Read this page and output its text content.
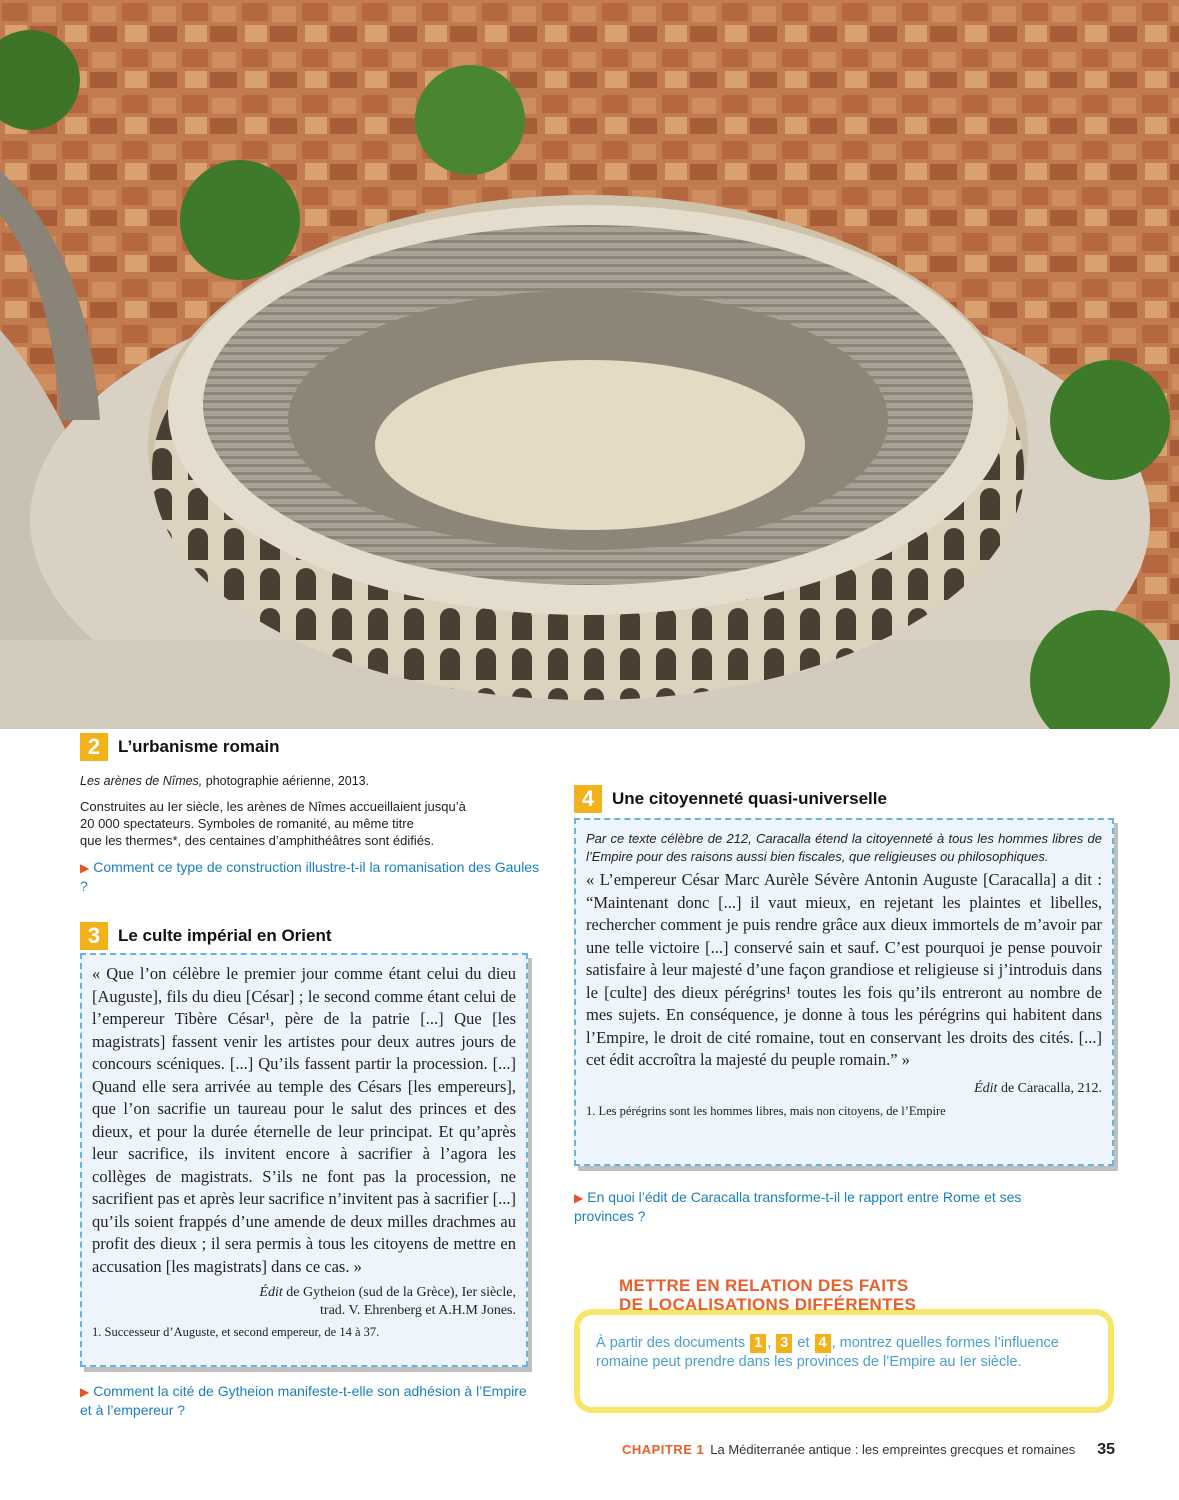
2	L’urbanisme romain
Les arènes de Nîmes, photographie aérienne, 2013.
Construites au Ier siècle, les arènes de Nîmes accueillaient jusqu’à
20 000 spectateurs. Symboles de romanité, au même titre
que les thermes*, des centaines d’amphithéâtres sont édifiés.
▶ Comment ce type de construction illustre-t-il la romanisation des Gaules ?
3	Le culte impérial en Orient
« Que l’on célèbre le premier jour comme étant celui du dieu [Auguste], fils du dieu [César] ; le second comme étant celui de l’empereur Tibère César¹, père de la patrie [...] Que [les magistrats] fassent venir les artistes pour deux autres jours de concours scéniques. [...] Qu’ils fassent partir la procession. [...] Quand elle sera arrivée au temple des Césars [les empereurs], que l’on sacrifie un taureau pour le salut des princes et des dieux, et pour la durée éternelle de leur principat. Et qu’après leur sacrifice, ils invitent encore à sacrifier à l’agora les collèges de magistrats. S’ils ne font pas la procession, ne sacrifient pas et après leur sacrifice n’invitent pas à sacrifier [...] qu’ils soient frappés d’une amende de deux milles drachmes au profit des dieux ; il sera permis à tous les citoyens de mettre en accusation [les magistrats] dans ce cas. »
Édit de Gytheion (sud de la Grèce), Ier siècle,
trad. V. Ehrenberg et A.H.M Jones.
1. Successeur d’Auguste, et second empereur, de 14 à 37.
▶ Comment la cité de Gytheion manifeste-t-elle son adhésion à l’Empire et à l’empereur ?
4	Une citoyenneté quasi-universelle
Par ce texte célèbre de 212, Caracalla étend la citoyenneté à tous les hommes libres de l’Empire pour des raisons aussi bien fiscales, que religieuses ou philosophiques.
« L’empereur César Marc Aurèle Sévère Antonin Auguste [Caracalla] a dit : “Maintenant donc [...] il vaut mieux, en rejetant les plaintes et libelles, rechercher comment je puis rendre grâce aux dieux immortels de m’avoir par une telle victoire [...] conservé sain et sauf. C’est pourquoi je pense pouvoir satisfaire à leur majesté d’une façon grandiose et religieuse si j’introduis dans le [culte] des dieux pérégrins¹ toutes les fois qu’ils entreront au nombre de mes sujets. En conséquence, je donne à tous les pérégrins qui habitent dans l’Empire, le droit de cité romaine, tout en conservant les droits des cités. [...] cet édit accroîtra la majesté du peuple romain.” »
Édit de Caracalla, 212.
1. Les pérégrins sont les hommes libres, mais non citoyens, de l’Empire
▶ En quoi l’édit de Caracalla transforme-t-il le rapport entre Rome et ses provinces ?
METTRE EN RELATION DES FAITS
DE LOCALISATIONS DIFFÉRENTES
À partir des documents 1 , 3 et 4 , montrez quelles formes l’influence romaine peut prendre dans les provinces de l’Empire au Ier siècle.
CHAPITRE 1 La Méditerranée antique : les empreintes grecques et romaines 35
